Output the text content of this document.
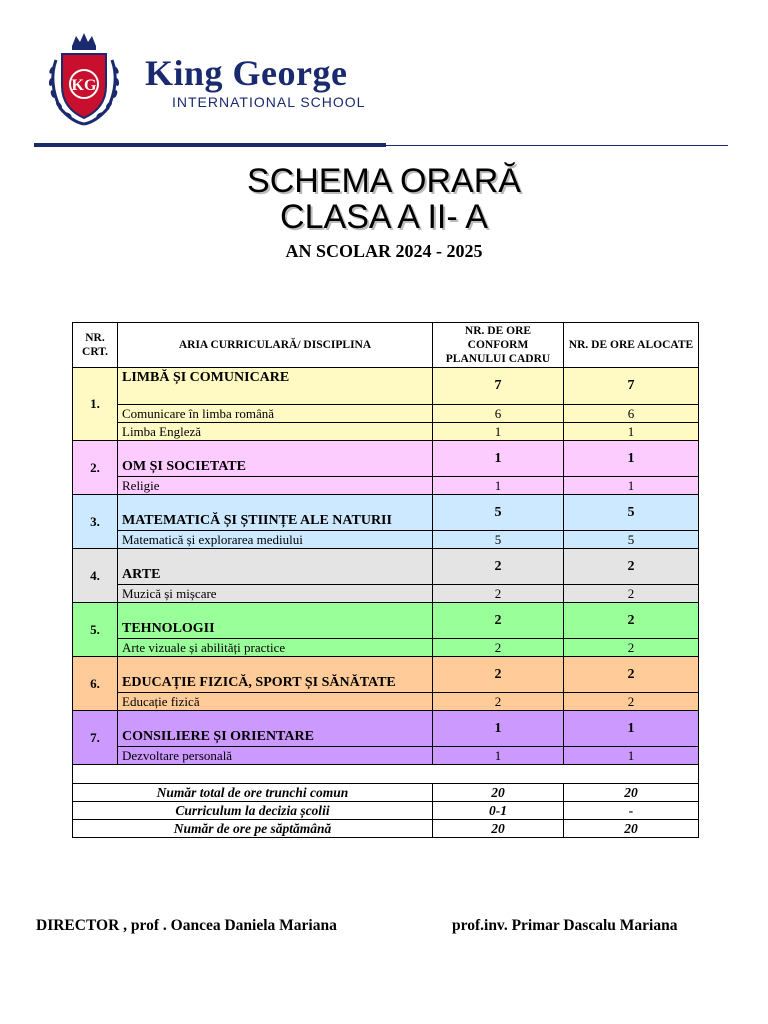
KG King George
INTERNATIONAL SCHOOL
SCHEMA ORARĂ
CLASA A II- A
AN SCOLAR 2024 - 2025
NR. CRT.	ARIA CURRICULARĂ/ DISCIPLINA	NR. DE ORE CONFORM PLANULUI CADRU	NR. DE ORE ALOCATE
1.	LIMBĂ ȘI COMUNICARE	7	7
	Comunicare în limba română	6	6
	Limba Engleză	1	1
2.	OM ȘI SOCIETATE	1	1
	Religie	1	1
3.	MATEMATICĂ ȘI ȘTIINȚE ALE NATURII	5	5
	Matematică și explorarea mediului	5	5
4.	ARTE	2	2
	Muzică și mișcare	2	2
5.	TEHNOLOGII	2	2
	Arte vizuale și abilități practice	2	2
6.	EDUCAȚIE FIZICĂ, SPORT ȘI SĂNĂTATE	2	2
	Educație fizică	2	2
7.	CONSILIERE ȘI ORIENTARE	1	1
	Dezvoltare personală	1	1

Număr total de ore trunchi comun		20	20
Curriculum la decizia școlii		0-1	-
Număr de ore pe săptămână		20	20
DIRECTOR , prof . Oancea Daniela Mariana	prof.inv. Primar Dascalu Mariana
